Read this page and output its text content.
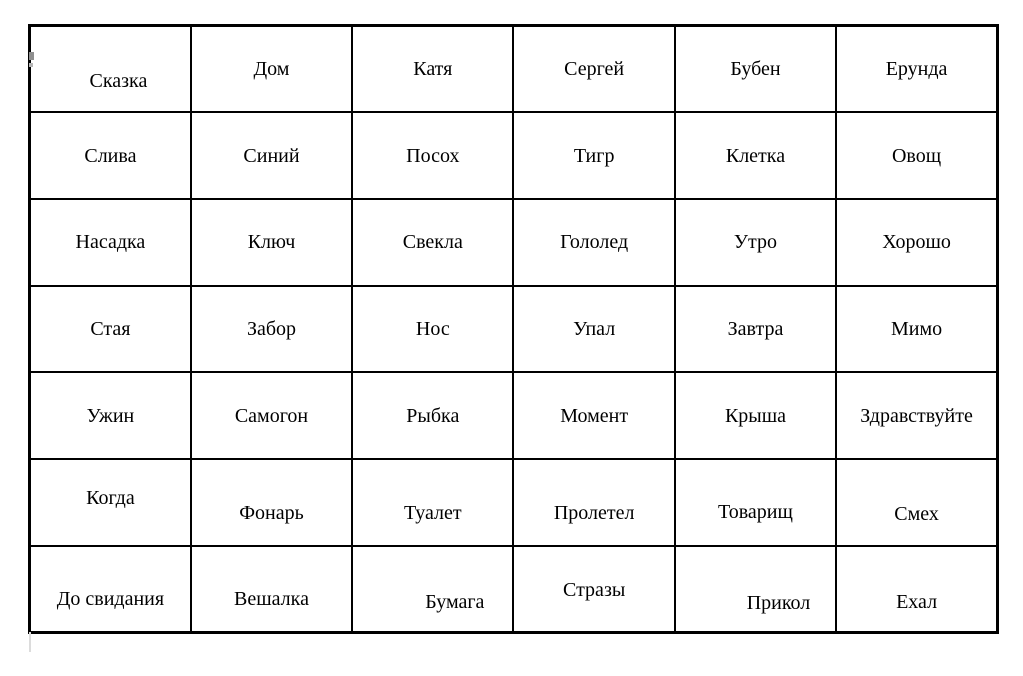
Сказка	Дом	Катя	Сергей	Бубен	Ерунда
Слива	Синий	Посох	Тигр	Клетка	Овощ
Насадка	Ключ	Свекла	Гололед	Утро	Хорошо
Стая	Забор	Нос	Упал	Завтра	Мимо
Ужин	Самогон	Рыбка	Момент	Крыша	Здравствуйте
Когда	Фонарь	Туалет	Пролетел	Товарищ	Смех
До свидания	Вешалка	Бумага	Стразы	Прикол	Ехал
